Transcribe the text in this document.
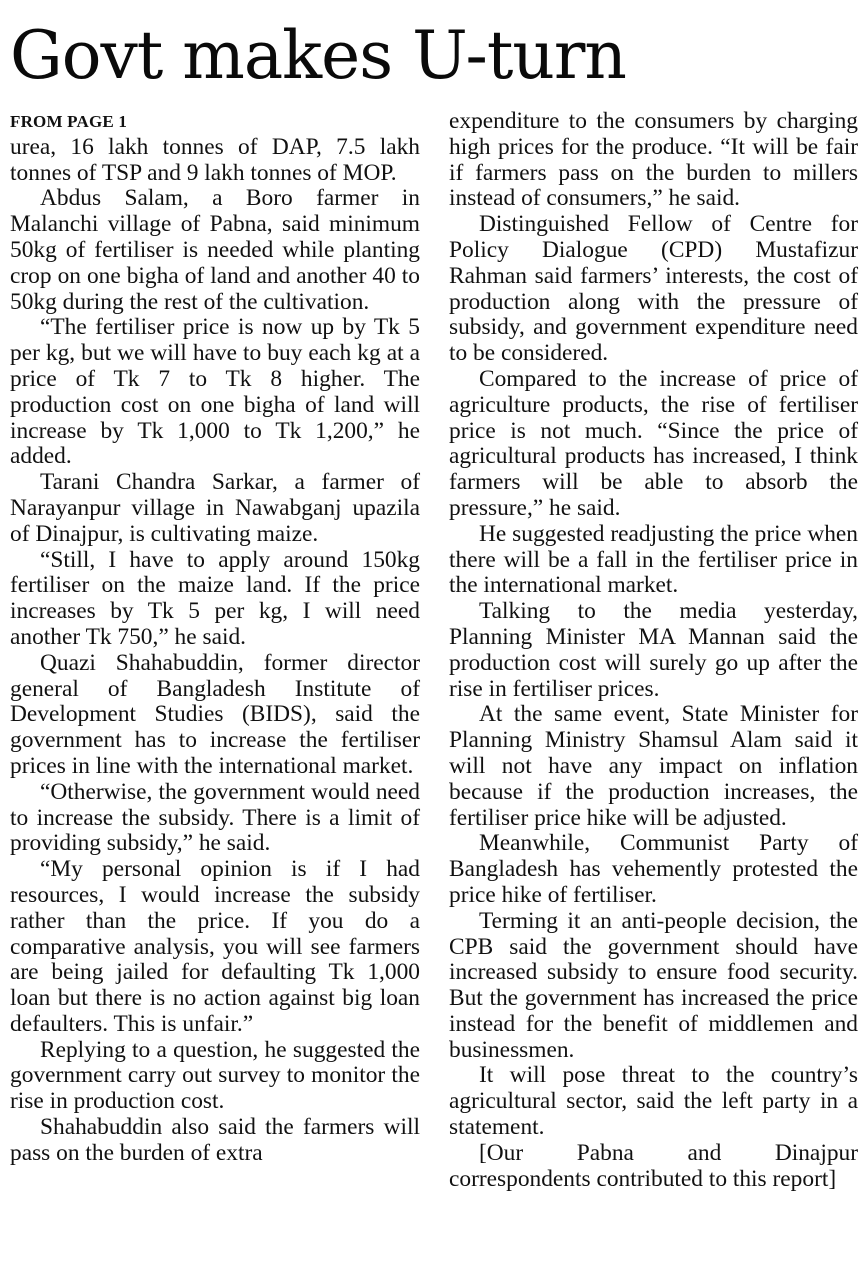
Govt makes U-turn
FROM PAGE 1

urea, 16 lakh tonnes of DAP, 7.5 lakh tonnes of TSP and 9 lakh tonnes of MOP.

Abdus Salam, a Boro farmer in Malanchi village of Pabna, said minimum 50kg of fertiliser is needed while planting crop on one bigha of land and another 40 to 50kg during the rest of the cultivation.

“The fertiliser price is now up by Tk 5 per kg, but we will have to buy each kg at a price of Tk 7 to Tk 8 higher. The production cost on one bigha of land will increase by Tk 1,000 to Tk 1,200,” he added.

Tarani Chandra Sarkar, a farmer of Narayanpur village in Nawabganj upazila of Dinajpur, is cultivating maize.

“Still, I have to apply around 150kg fertiliser on the maize land. If the price increases by Tk 5 per kg, I will need another Tk 750,” he said.

Quazi Shahabuddin, former director general of Bangladesh Institute of Development Studies (BIDS), said the government has to increase the fertiliser prices in line with the international market.

“Otherwise, the government would need to increase the subsidy. There is a limit of providing subsidy,” he said.

“My personal opinion is if I had resources, I would increase the subsidy rather than the price. If you do a comparative analysis, you will see farmers are being jailed for defaulting Tk 1,000 loan but there is no action against big loan defaulters. This is unfair.”

Replying to a question, he suggested the government carry out survey to monitor the rise in production cost.

Shahabuddin also said the farmers will pass on the burden of extra

expenditure to the consumers by charging high prices for the produce. “It will be fair if farmers pass on the burden to millers instead of consumers,” he said.

Distinguished Fellow of Centre for Policy Dialogue (CPD) Mustafizur Rahman said farmers’ interests, the cost of production along with the pressure of subsidy, and government expenditure need to be considered.

Compared to the increase of price of agriculture products, the rise of fertiliser price is not much. “Since the price of agricultural products has increased, I think farmers will be able to absorb the pressure,” he said.

He suggested readjusting the price when there will be a fall in the fertiliser price in the international market.

Talking to the media yesterday, Planning Minister MA Mannan said the production cost will surely go up after the rise in fertiliser prices.

At the same event, State Minister for Planning Ministry Shamsul Alam said it will not have any impact on inflation because if the production increases, the fertiliser price hike will be adjusted.

Meanwhile, Communist Party of Bangladesh has vehemently protested the price hike of fertiliser.

Terming it an anti-people decision, the CPB said the government should have increased subsidy to ensure food security. But the government has increased the price instead for the benefit of middlemen and businessmen.

It will pose threat to the country’s agricultural sector, said the left party in a statement.

[Our Pabna and Dinajpur correspondents contributed to this report]
